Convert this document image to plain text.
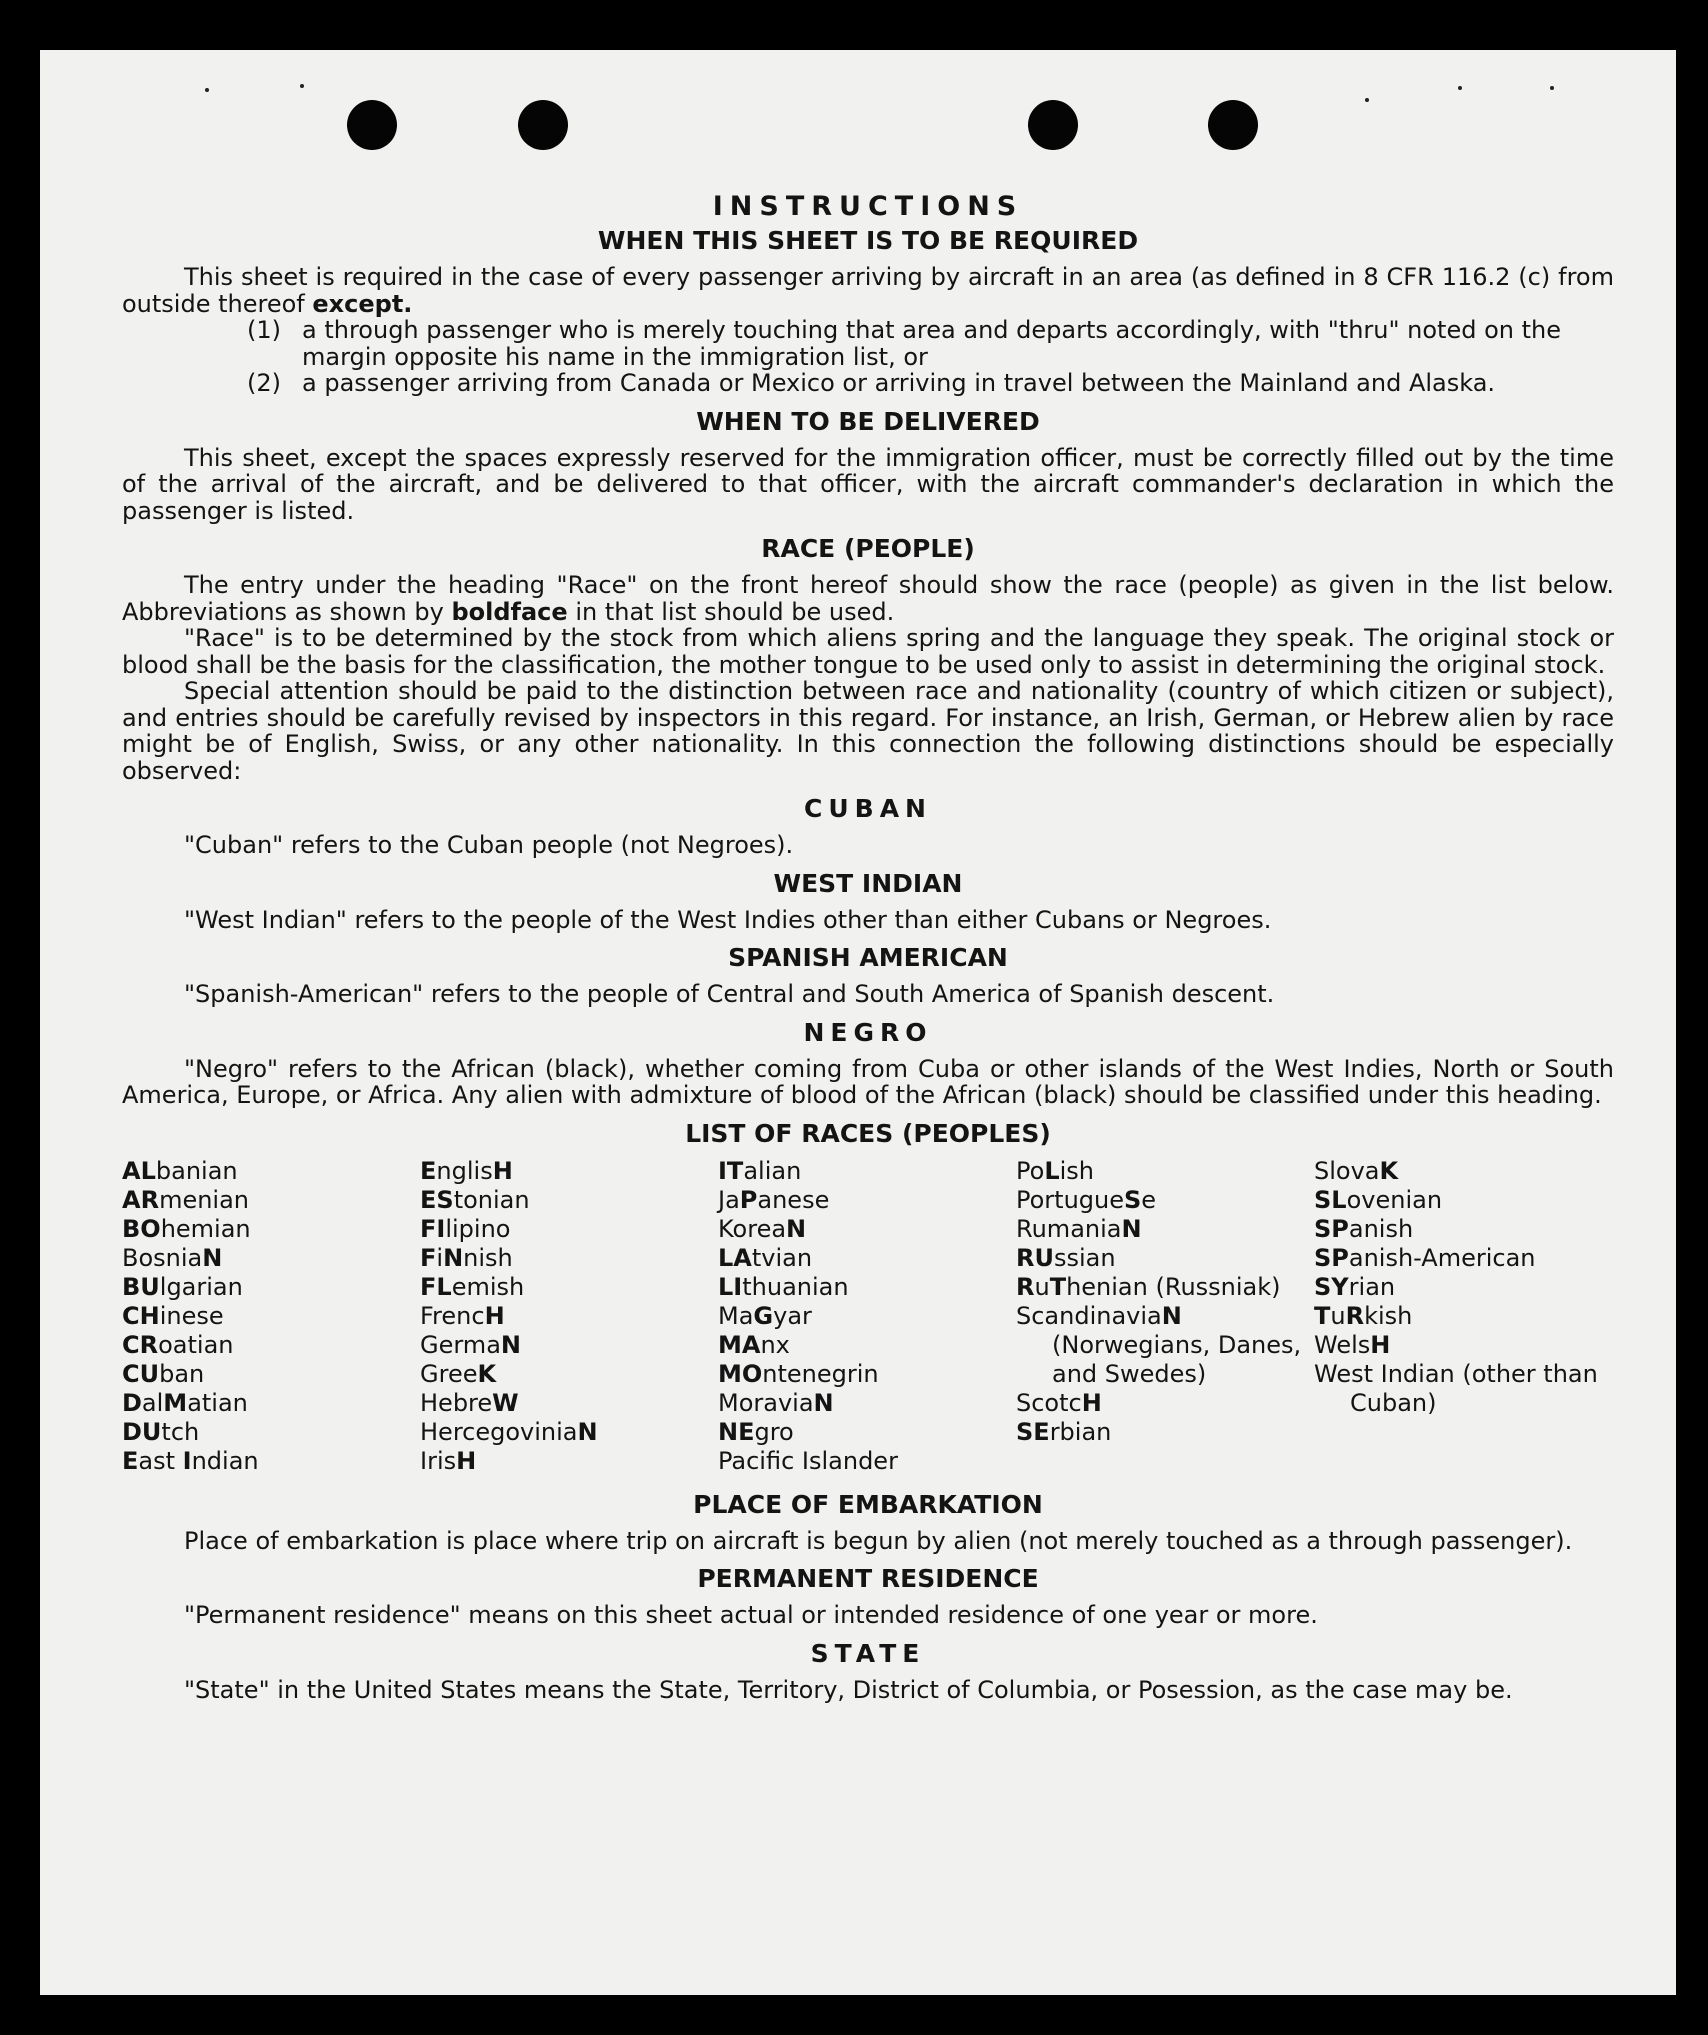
INSTRUCTIONS
WHEN THIS SHEET IS TO BE REQUIRED

This sheet is required in the case of every passenger arriving by aircraft in an area (as defined in 8 CFR 116.2 (c) from outside thereof except.

(1) a through passenger who is merely touching that area and departs accordingly, with "thru" noted on the margin opposite his name in the immigration list, or
(2) a passenger arriving from Canada or Mexico or arriving in travel between the Mainland and Alaska.
WHEN TO BE DELIVERED

This sheet, except the spaces expressly reserved for the immigration officer, must be correctly filled out by the time of the arrival of the aircraft, and be delivered to that officer, with the aircraft commander's declaration in which the passenger is listed.

RACE (PEOPLE)

The entry under the heading "Race" on the front hereof should show the race (people) as given in the list below. Abbreviations as shown by boldface in that list should be used.

"Race" is to be determined by the stock from which aliens spring and the language they speak. The original stock or blood shall be the basis for the classification, the mother tongue to be used only to assist in determining the original stock.

Special attention should be paid to the distinction between race and nationality (country of which citizen or subject), and entries should be carefully revised by inspectors in this regard. For instance, an Irish, German, or Hebrew alien by race might be of English, Swiss, or any other nationality. In this connection the following distinctions should be especially observed:

CUBAN

"Cuban" refers to the Cuban people (not Negroes).

WEST INDIAN

"West Indian" refers to the people of the West Indies other than either Cubans or Negroes.

SPANISH AMERICAN

"Spanish-American" refers to the people of Central and South America of Spanish descent.

NEGRO

"Negro" refers to the African (black), whether coming from Cuba or other islands of the West Indies, North or South America, Europe, or Africa. Any alien with admixture of blood of the African (black) should be classified under this heading.

LIST OF RACES (PEOPLES)
ALbanian
ARmenian
BOhemian
BosniaN
BUlgarian
CHinese
CRoatian
CUban
DalMatian
DUtch
East Indian
EnglisH
EStonian
FIlipino
FiNnish
FLemish
FrencH
GermaN
GreeK
HebreW
HercegoviniaN
IrisH
ITalian
JaPanese
KoreaN
LAtvian
LIthuanian
MaGyar
MAnx
MOntenegrin
MoraviaN
NEgro
Pacific Islander
PoLish
PortugueSe
RumaniaN
RUssian
RuThenian (Russniak)
ScandinaviaN
(Norwegians, Danes, and Swedes)
ScotcH
SErbian
SlovaK
SLovenian
SPanish
SPanish-American
SYrian
TuRkish
WelsH
West Indian (other than Cuban)
PLACE OF EMBARKATION

Place of embarkation is place where trip on aircraft is begun by alien (not merely touched as a through passenger).

PERMANENT RESIDENCE

"Permanent residence" means on this sheet actual or intended residence of one year or more.

STATE

"State" in the United States means the State, Territory, District of Columbia, or Posession, as the case may be.
